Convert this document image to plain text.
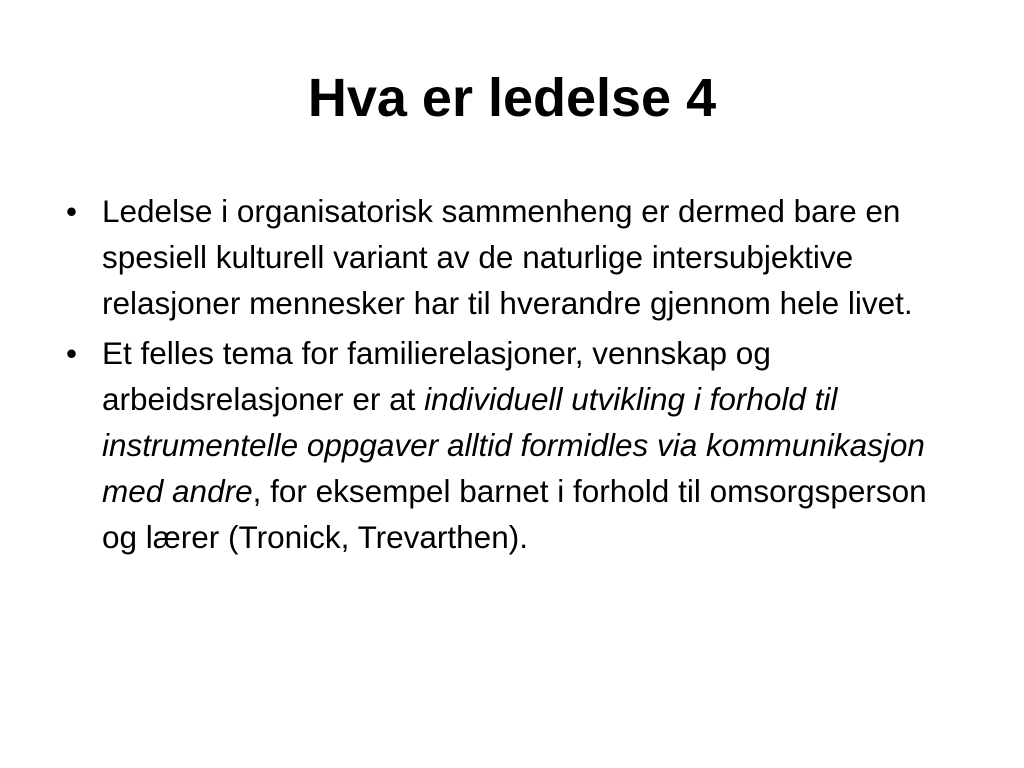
Hva er ledelse 4
• Ledelse i organisatorisk sammenheng er dermed bare en spesiell kulturell variant av de naturlige intersubjektive relasjoner mennesker har til hverandre gjennom hele livet.
• Et felles tema for familierelasjoner, vennskap og arbeidsrelasjoner er at individuell utvikling i forhold til instrumentelle oppgaver alltid formidles via kommunikasjon med andre, for eksempel barnet i forhold til omsorgsperson og lærer (Tronick, Trevarthen).
